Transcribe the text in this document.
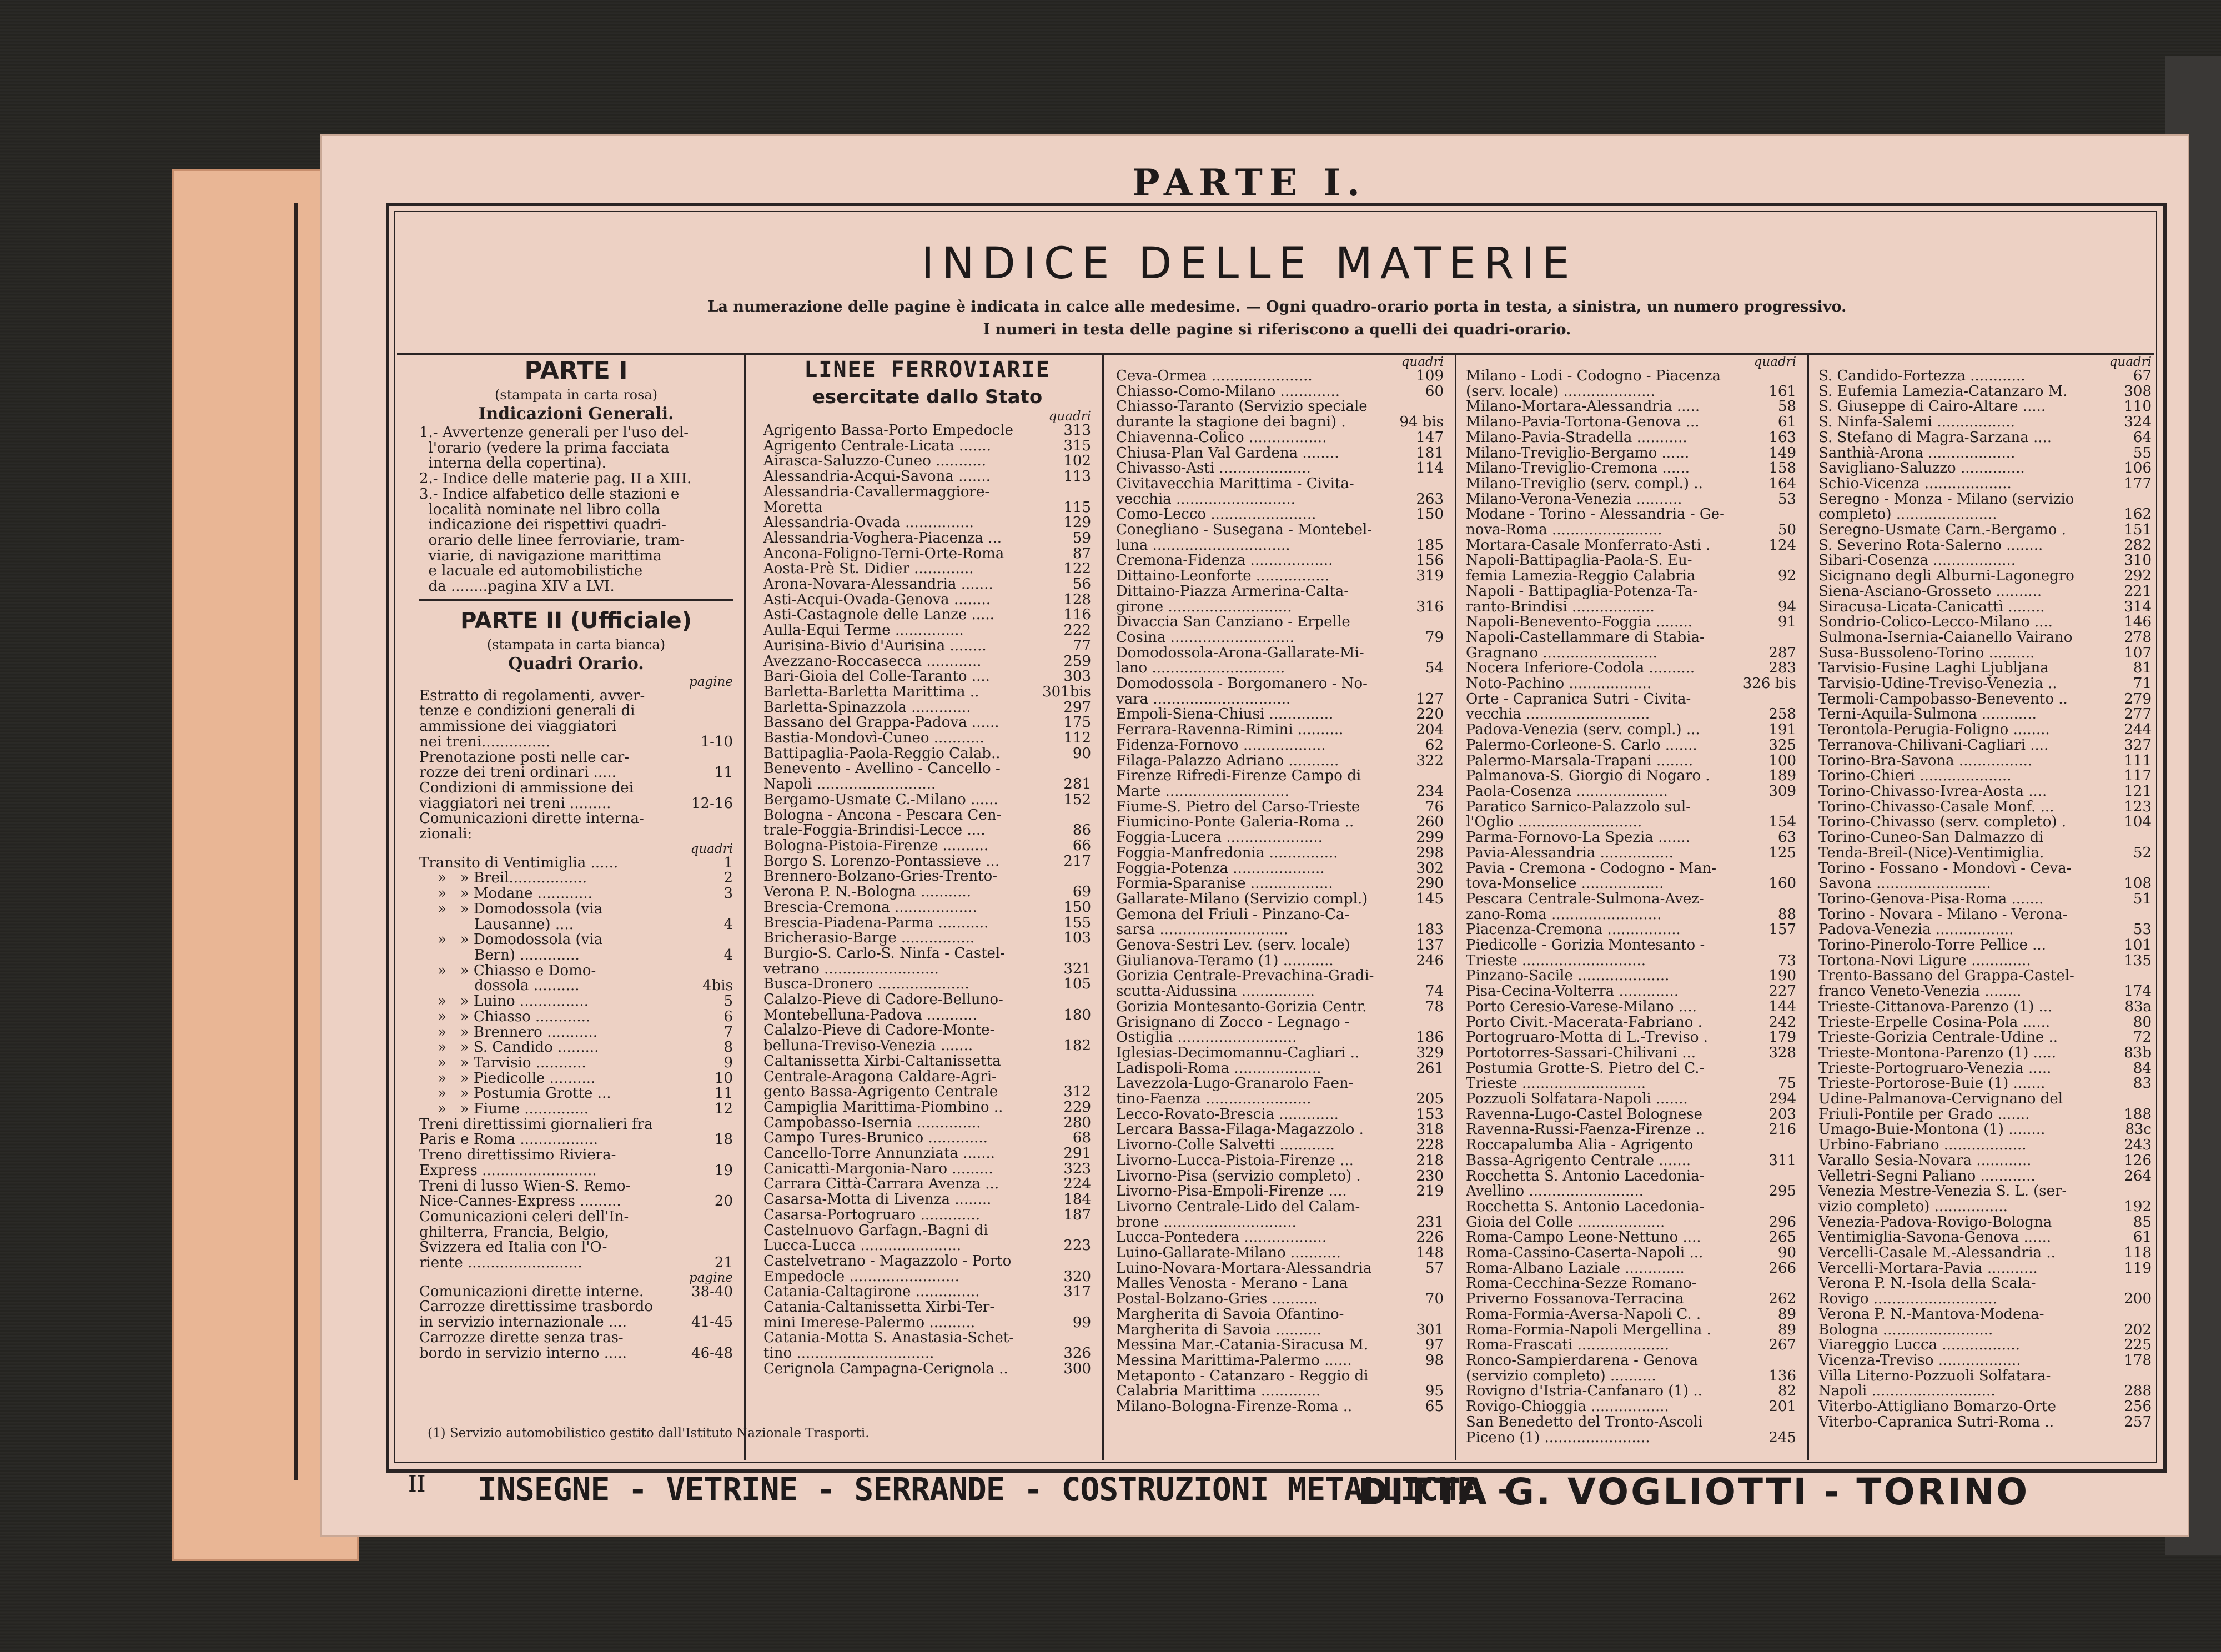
PARTE I.
INDICE DELLE MATERIE
La numerazione delle pagine è indicata in calce alle medesime. — Ogni quadro-orario porta in testa, a sinistra, un numero progressivo.
I numeri in testa delle pagine si riferiscono a quelli dei quadri-orario.
PARTE I
(stampata in carta rosa)
Indicazioni Generali.
1.- Avvertenze generali per l'uso del-
l'orario (vedere la prima facciata
interna della copertina).
2.- Indice delle materie pag. II a XIII.
3.- Indice alfabetico delle stazioni e
località nominate nel libro colla
indicazione dei rispettivi quadri-
orario delle linee ferroviarie, tram-
viarie, di navigazione marittima
e lacuale ed automobilistiche
da ........pagina XIV a LVI.
PARTE II (Ufficiale)
(stampata in carta bianca)
Quadri Orario.
pagine
Estratto di regolamenti, avver-
tenze e condizioni generali di
ammissione dei viaggiatori
nei treni...............	1-10
Prenotazione posti nelle car-
rozze dei treni ordinari .....	11
Condizioni di ammissione dei
viaggiatori nei treni .........	12-16
Comunicazioni dirette interna-
zionali:
quadri
Transito di Ventimiglia ......	1
»   » Breil.................	2
»   » Modane ............	3
»   » Domodossola (via
Lausanne) ....	4
»   » Domodossola (via
Bern) .............	4
»   » Chiasso e Domo-
dossola ..........	4bis
»   » Luino ...............	5
»   » Chiasso ............	6
»   » Brennero ...........	7
»   » S. Candido .........	8
»   » Tarvisio ...........	9
»   » Piedicolle ..........	10
»   » Postumia Grotte ...	11
»   » Fiume ..............	12
Treni direttissimi giornalieri fra
Paris e Roma .................	18
Treno direttissimo Riviera-
Express .........................	19
Treni di lusso Wien-S. Remo-
Nice-Cannes-Express .........	20
Comunicazioni celeri dell'In-
ghilterra, Francia, Belgio,
Svizzera ed Italia con l'O-
riente .........................	21
pagine
Comunicazioni dirette interne.	38-40
Carrozze direttissime trasbordo
in servizio internazionale ....	41-45
Carrozze dirette senza tras-
bordo in servizio interno .....	46-48
LINEE FERROVIARIE
esercitate dallo Stato
quadri
Agrigento Bassa-Porto Empedocle	313
Agrigento Centrale-Licata .......	315
Airasca-Saluzzo-Cuneo ...........	102
Alessandria-Acqui-Savona .......	113
Alessandria-Cavallermaggiore-Moretta	115
Alessandria-Ovada ...............	129
Alessandria-Voghera-Piacenza ...	59
Ancona-Foligno-Terni-Orte-Roma	87
Aosta-Prè St. Didier .............	122
Arona-Novara-Alessandria .......	56
Asti-Acqui-Ovada-Genova ........	128
Asti-Castagnole delle Lanze .....	116
Aulla-Equi Terme ...............	222
Aurisina-Bivio d'Aurisina ........	77
Avezzano-Roccasecca ............	259
Bari-Gioia del Colle-Taranto ....	303
Barletta-Barletta Marittima ..	301bis
Barletta-Spinazzola .............	297
Bassano del Grappa-Padova ......	175
Bastia-Mondovì-Cuneo ...........	112
Battipaglia-Paola-Reggio Calab..	90
Benevento - Avellino - Cancello -
Napoli ..........................	281
Bergamo-Usmate C.-Milano ......	152
Bologna - Ancona - Pescara Cen-
trale-Foggia-Brindisi-Lecce ....	86
Bologna-Pistoia-Firenze ..........	66
Borgo S. Lorenzo-Pontassieve ...	217
Brennero-Bolzano-Gries-Trento-
Verona P. N.-Bologna ...........	69
Brescia-Cremona ..................	150
Brescia-Piadena-Parma ...........	155
Bricherasio-Barge ................	103
Burgio-S. Carlo-S. Ninfa - Castel-
vetrano .........................	321
Busca-Dronero ....................	105
Calalzo-Pieve di Cadore-Belluno-
Montebelluna-Padova ...........	180
Calalzo-Pieve di Cadore-Monte-
belluna-Treviso-Venezia .......	182
Caltanissetta Xirbi-Caltanissetta
Centrale-Aragona Caldare-Agri-
gento Bassa-Agrigento Centrale	312
Campiglia Marittima-Piombino ..	229
Campobasso-Isernia ..............	280
Campo Tures-Brunico .............	68
Cancello-Torre Annunziata .......	291
Canicattì-Margonia-Naro .........	323
Carrara Città-Carrara Avenza ...	224
Casarsa-Motta di Livenza ........	184
Casarsa-Portogruaro .............	187
Castelnuovo Garfagn.-Bagni di
Lucca-Lucca ......................	223
Castelvetrano - Magazzolo - Porto
Empedocle ........................	320
Catania-Caltagirone ..............	317
Catania-Caltanissetta Xirbi-Ter-
mini Imerese-Palermo ..........	99
Catania-Motta S. Anastasia-Schet-
tino ..............................	326
Cerignola Campagna-Cerignola ..	300
quadri
Ceva-Ormea ......................	109
Chiasso-Como-Milano .............	60
Chiasso-Taranto (Servizio speciale
durante la stagione dei bagni) .	94 bis
Chiavenna-Colico .................	147
Chiusa-Plan Val Gardena ........	181
Chivasso-Asti ....................	114
Civitavecchia Marittima - Civita-
vecchia ..........................	263
Como-Lecco .......................	150
Conegliano - Susegana - Montebel-
luna ..............................	185
Cremona-Fidenza ..................	156
Dittaino-Leonforte ................	319
Dittaino-Piazza Armerina-Calta-
girone ...........................	316
Divaccia San Canziano - Erpelle
Cosina ...........................	79
Domodossola-Arona-Gallarate-Mi-
lano .............................	54
Domodossola - Borgomanero - No-
vara ..............................	127
Empoli-Siena-Chiusi ..............	220
Ferrara-Ravenna-Rimini ..........	204
Fidenza-Fornovo ..................	62
Filaga-Palazzo Adriano ...........	322
Firenze Rifredi-Firenze Campo di
Marte ...........................	234
Fiume-S. Pietro del Carso-Trieste	76
Fiumicino-Ponte Galeria-Roma ..	260
Foggia-Lucera .....................	299
Foggia-Manfredonia ...............	298
Foggia-Potenza ....................	302
Formia-Sparanise ..................	290
Gallarate-Milano (Servizio compl.)	145
Gemona del Friuli - Pinzano-Ca-
sarsa ............................	183
Genova-Sestri Lev. (serv. locale)	137
Giulianova-Teramo (1) ...........	246
Gorizia Centrale-Prevachina-Gradi-
scutta-Aidussina ................	74
Gorizia Montesanto-Gorizia Centr.	78
Grisignano di Zocco - Legnago -
Ostiglia ..........................	186
Iglesias-Decimomannu-Cagliari ..	329
Ladispoli-Roma ...................	261
Lavezzola-Lugo-Granarolo Faen-
tino-Faenza .......................	205
Lecco-Rovato-Brescia .............	153
Lercara Bassa-Filaga-Magazzolo .	318
Livorno-Colle Salvetti ............	228
Livorno-Lucca-Pistoia-Firenze ...	218
Livorno-Pisa (servizio completo) .	230
Livorno-Pisa-Empoli-Firenze ....	219
Livorno Centrale-Lido del Calam-
brone .............................	231
Lucca-Pontedera ..................	226
Luino-Gallarate-Milano ...........	148
Luino-Novara-Mortara-Alessandria	57
Malles Venosta - Merano - Lana
Postal-Bolzano-Gries ..........	70
Margherita di Savoia Ofantino-
Margherita di Savoia ..........	301
Messina Mar.-Catania-Siracusa M.	97
Messina Marittima-Palermo ......	98
Metaponto - Catanzaro - Reggio di
Calabria Marittima .............	95
Milano-Bologna-Firenze-Roma ..	65
quadri
Milano - Lodi - Codogno - Piacenza
(serv. locale) ....................	161
Milano-Mortara-Alessandria .....	58
Milano-Pavia-Tortona-Genova ...	61
Milano-Pavia-Stradella ...........	163
Milano-Treviglio-Bergamo ......	149
Milano-Treviglio-Cremona ......	158
Milano-Treviglio (serv. compl.) ..	164
Milano-Verona-Venezia ..........	53
Modane - Torino - Alessandria - Ge-
nova-Roma ........................	50
Mortara-Casale Monferrato-Asti .	124
Napoli-Battipaglia-Paola-S. Eu-
femia Lamezia-Reggio Calabria	92
Napoli - Battipaglia-Potenza-Ta-
ranto-Brindisi ..................	94
Napoli-Benevento-Foggia ........	91
Napoli-Castellammare di Stabia-
Gragnano .........................	287
Nocera Inferiore-Codola ..........	283
Noto-Pachino ..................	326 bis
Orte - Capranica Sutri - Civita-
vecchia ...........................	258
Padova-Venezia (serv. compl.) ...	191
Palermo-Corleone-S. Carlo .......	325
Palermo-Marsala-Trapani ........	100
Palmanova-S. Giorgio di Nogaro .	189
Paola-Cosenza ....................	309
Paratico Sarnico-Palazzolo sul-
l'Oglio ...........................	154
Parma-Fornovo-La Spezia .......	63
Pavia-Alessandria ................	125
Pavia - Cremona - Codogno - Man-
tova-Monselice ..................	160
Pescara Centrale-Sulmona-Avez-
zano-Roma ........................	88
Piacenza-Cremona ................	157
Piedicolle - Gorizia Montesanto -
Trieste ...........................	73
Pinzano-Sacile ....................	190
Pisa-Cecina-Volterra .............	227
Porto Ceresio-Varese-Milano ....	144
Porto Civit.-Macerata-Fabriano .	242
Portogruaro-Motta di L.-Treviso .	179
Portotorres-Sassari-Chilivani ...	328
Postumia Grotte-S. Pietro del C.-
Trieste ...........................	75
Pozzuoli Solfatara-Napoli .......	294
Ravenna-Lugo-Castel Bolognese	203
Ravenna-Russi-Faenza-Firenze ..	216
Roccapalumba Alia - Agrigento
Bassa-Agrigento Centrale .......	311
Rocchetta S. Antonio Lacedonia-
Avellino .........................	295
Rocchetta S. Antonio Lacedonia-
Gioia del Colle ...................	296
Roma-Campo Leone-Nettuno ....	265
Roma-Cassino-Caserta-Napoli ...	90
Roma-Albano Laziale .............	266
Roma-Cecchina-Sezze Romano-
Priverno Fossanova-Terracina	262
Roma-Formia-Aversa-Napoli C. .	89
Roma-Formia-Napoli Mergellina .	89
Roma-Frascati ....................	267
Ronco-Sampierdarena - Genova
(servizio completo) ..........	136
Rovigno d'Istria-Canfanaro (1) ..	82
Rovigo-Chioggia .................	201
San Benedetto del Tronto-Ascoli
Piceno (1) .......................	245
quadri
S. Candido-Fortezza ............	67
S. Eufemia Lamezia-Catanzaro M.	308
S. Giuseppe di Cairo-Altare .....	110
S. Ninfa-Salemi .................	324
S. Stefano di Magra-Sarzana ....	64
Santhià-Arona ...................	55
Savigliano-Saluzzo ..............	106
Schio-Vicenza ...................	177
Seregno - Monza - Milano (servizio
completo) ......................	162
Seregno-Usmate Carn.-Bergamo .	151
S. Severino Rota-Salerno ........	282
Sibari-Cosenza ..................	310
Sicignano degli Alburni-Lagonegro	292
Siena-Asciano-Grosseto ..........	221
Siracusa-Licata-Canicattì ........	314
Sondrio-Colico-Lecco-Milano ....	146
Sulmona-Isernia-Caianello Vairano	278
Susa-Bussoleno-Torino ..........	107
Tarvisio-Fusine Laghi Ljubljana	81
Tarvisio-Udine-Treviso-Venezia ..	71
Termoli-Campobasso-Benevento ..	279
Terni-Aquila-Sulmona ............	277
Terontola-Perugia-Foligno ........	244
Terranova-Chilivani-Cagliari ....	327
Torino-Bra-Savona ................	111
Torino-Chieri ....................	117
Torino-Chivasso-Ivrea-Aosta ....	121
Torino-Chivasso-Casale Monf. ...	123
Torino-Chivasso (serv. completo) .	104
Torino-Cuneo-San Dalmazzo di
Tenda-Breil-(Nice)-Ventimiglia.	52
Torino - Fossano - Mondovì - Ceva-
Savona .........................	108
Torino-Genova-Pisa-Roma .......	51
Torino - Novara - Milano - Verona-
Padova-Venezia .................	53
Torino-Pinerolo-Torre Pellice ...	101
Tortona-Novi Ligure .............	135
Trento-Bassano del Grappa-Castel-
franco Veneto-Venezia ........	174
Trieste-Cittanova-Parenzo (1) ...	83a
Trieste-Erpelle Cosina-Pola ......	80
Trieste-Gorizia Centrale-Udine ..	72
Trieste-Montona-Parenzo (1) .....	83b
Trieste-Portogruaro-Venezia .....	84
Trieste-Portorose-Buie (1) .......	83
Udine-Palmanova-Cervignano del
Friuli-Pontile per Grado .......	188
Umago-Buie-Montona (1) ........	83c
Urbino-Fabriano ..................	243
Varallo Sesia-Novara ............	126
Velletri-Segni Paliano ............	264
Venezia Mestre-Venezia S. L. (ser-
vizio completo) ................	192
Venezia-Padova-Rovigo-Bologna	85
Ventimiglia-Savona-Genova ......	61
Vercelli-Casale M.-Alessandria ..	118
Vercelli-Mortara-Pavia ...........	119
Verona P. N.-Isola della Scala-
Rovigo ...........................	200
Verona P. N.-Mantova-Modena-
Bologna ........................	202
Viareggio Lucca .................	225
Vicenza-Treviso ..................	178
Villa Literno-Pozzuoli Solfatara-
Napoli ...........................	288
Viterbo-Attigliano Bomarzo-Orte	256
Viterbo-Capranica Sutri-Roma ..	257
(1) Servizio automobilistico gestito dall'Istituto Nazionale Trasporti.
II INSEGNE - VETRINE - SERRANDE - COSTRUZIONI METALLICHE -
DITTA G. VOGLIOTTI - TORINO
